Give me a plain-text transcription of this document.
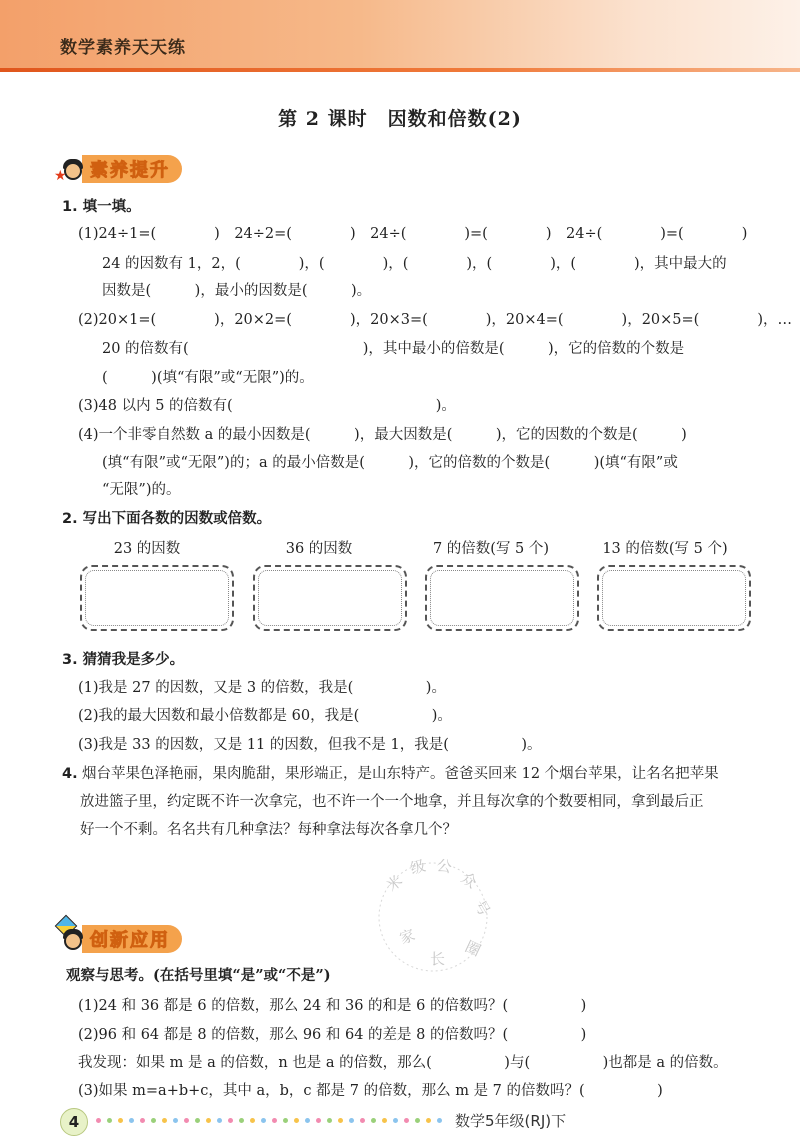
数学素养天天练
第 2 课时　因数和倍数(2)
★	素养提升
1. 填一填。
(1)24÷1=(　　　　)　24÷2=(　　　　)　24÷(　　　　)=(　　　　)　24÷(　　　　)=(　　　　)
24 的因数有 1，2，(　　　　)，(　　　　)，(　　　　)，(　　　　)，(　　　　)，其中最大的
因数是(　　　)，最小的因数是(　　　)。
(2)20×1=(　　　　)，20×2=(　　　　)，20×3=(　　　　)，20×4=(　　　　)，20×5=(　　　　)，…
20 的倍数有(　　　　　　　　　　　　)，其中最小的倍数是(　　　)，它的倍数的个数是
(　　　)(填“有限”或“无限”)的。
(3)48 以内 5 的倍数有(　　　　　　　　　　　　　　)。
(4)一个非零自然数 a 的最小因数是(　　　)，最大因数是(　　　)，它的因数的个数是(　　　)
(填“有限”或“无限”)的；a 的最小倍数是(　　　)，它的倍数的个数是(　　　)(填“有限”或
“无限”)的。
2. 写出下面各数的因数或倍数。
23 的因数	36 的因数	7 的倍数(写 5 个)	13 的倍数(写 5 个)
3. 猜猜我是多少。
(1)我是 27 的因数，又是 3 的倍数，我是(　　　　　)。
(2)我的最大因数和最小倍数都是 60，我是(　　　　　)。
(3)我是 33 的因数，又是 11 的因数，但我不是 1，我是(　　　　　)。
4. 烟台苹果色泽艳丽，果肉脆甜，果形端正，是山东特产。爸爸买回来 12 个烟台苹果，让名名把苹果
放进篮子里，约定既不许一次拿完，也不许一个一个地拿，并且每次拿的个数要相同，拿到最后正
好一个不剩。名名共有几种拿法？每种拿法每次各拿几个？
米
级 公
众
号
家
长 圈
创新应用
观察与思考。(在括号里填“是”或“不是”)
(1)24 和 36 都是 6 的倍数，那么 24 和 36 的和是 6 的倍数吗？(　　　　　)
(2)96 和 64 都是 8 的倍数，那么 96 和 64 的差是 8 的倍数吗？(　　　　　)
我发现：如果 m 是 a 的倍数，n 也是 a 的倍数，那么(　　　　　)与(　　　　　)也都是 a 的倍数。
(3)如果 m=a+b+c，其中 a，b，c 都是 7 的倍数，那么 m 是 7 的倍数吗？(　　　　　)
4	数学5年级(RJ)下
